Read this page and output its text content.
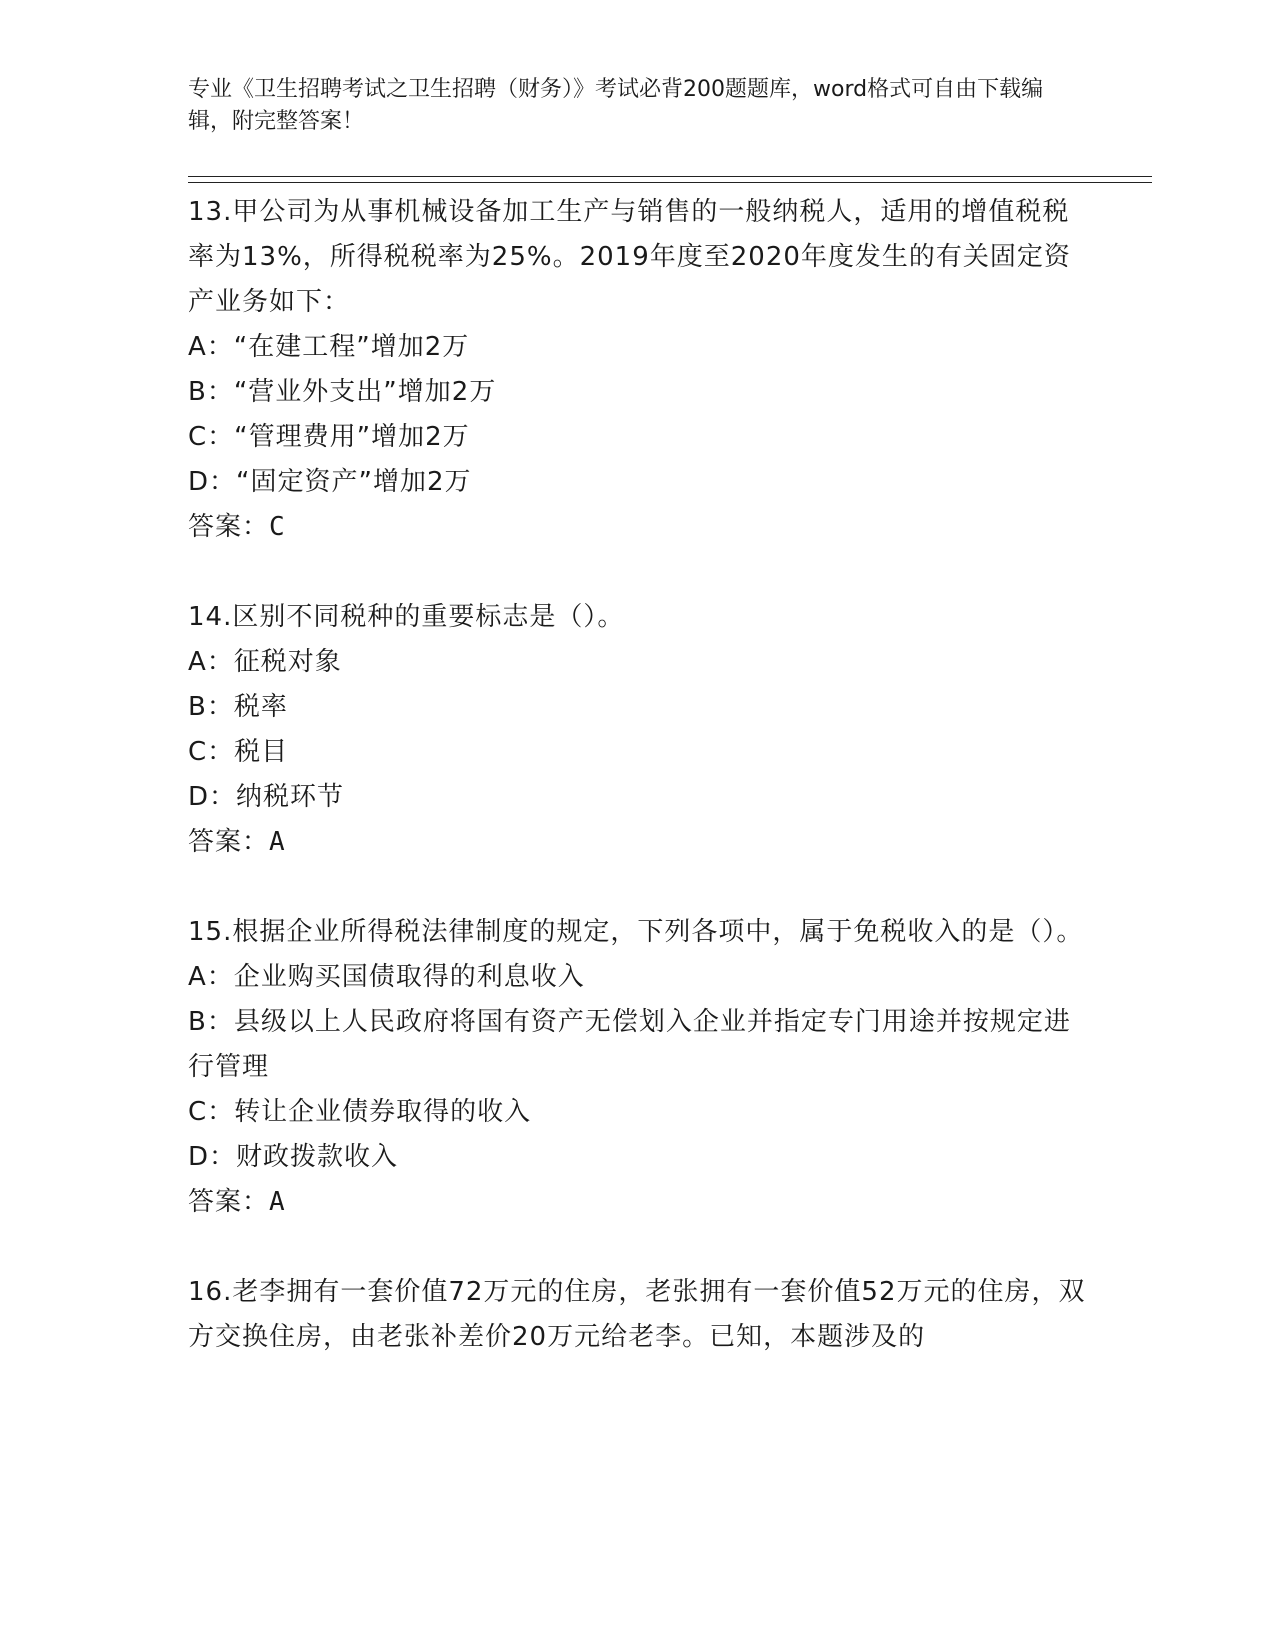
专业《卫生招聘考试之卫生招聘（财务）》考试必背200题题库，word格式可自由下载编辑，附完整答案！

13.甲公司为从事机械设备加工生产与销售的一般纳税人，适用的增值税税率为13%，所得税税率为25%。2019年度至2020年度发生的有关固定资产业务如下：

A：“在建工程”增加2万

B：“营业外支出”增加2万

C：“管理费用”增加2万

D：“固定资产”增加2万

答案：C

14.区别不同税种的重要标志是（）。

A：征税对象

B：税率

C：税目

D：纳税环节

答案：A

15.根据企业所得税法律制度的规定，下列各项中，属于免税收入的是（）。

A：企业购买国债取得的利息收入

B：县级以上人民政府将国有资产无偿划入企业并指定专门用途并按规定进行管理

C：转让企业债券取得的收入

D：财政拨款收入

答案：A

16.老李拥有一套价值72万元的住房，老张拥有一套价值52万元的住房，双方交换住房，由老张补差价20万元给老李。已知，本题涉及的
